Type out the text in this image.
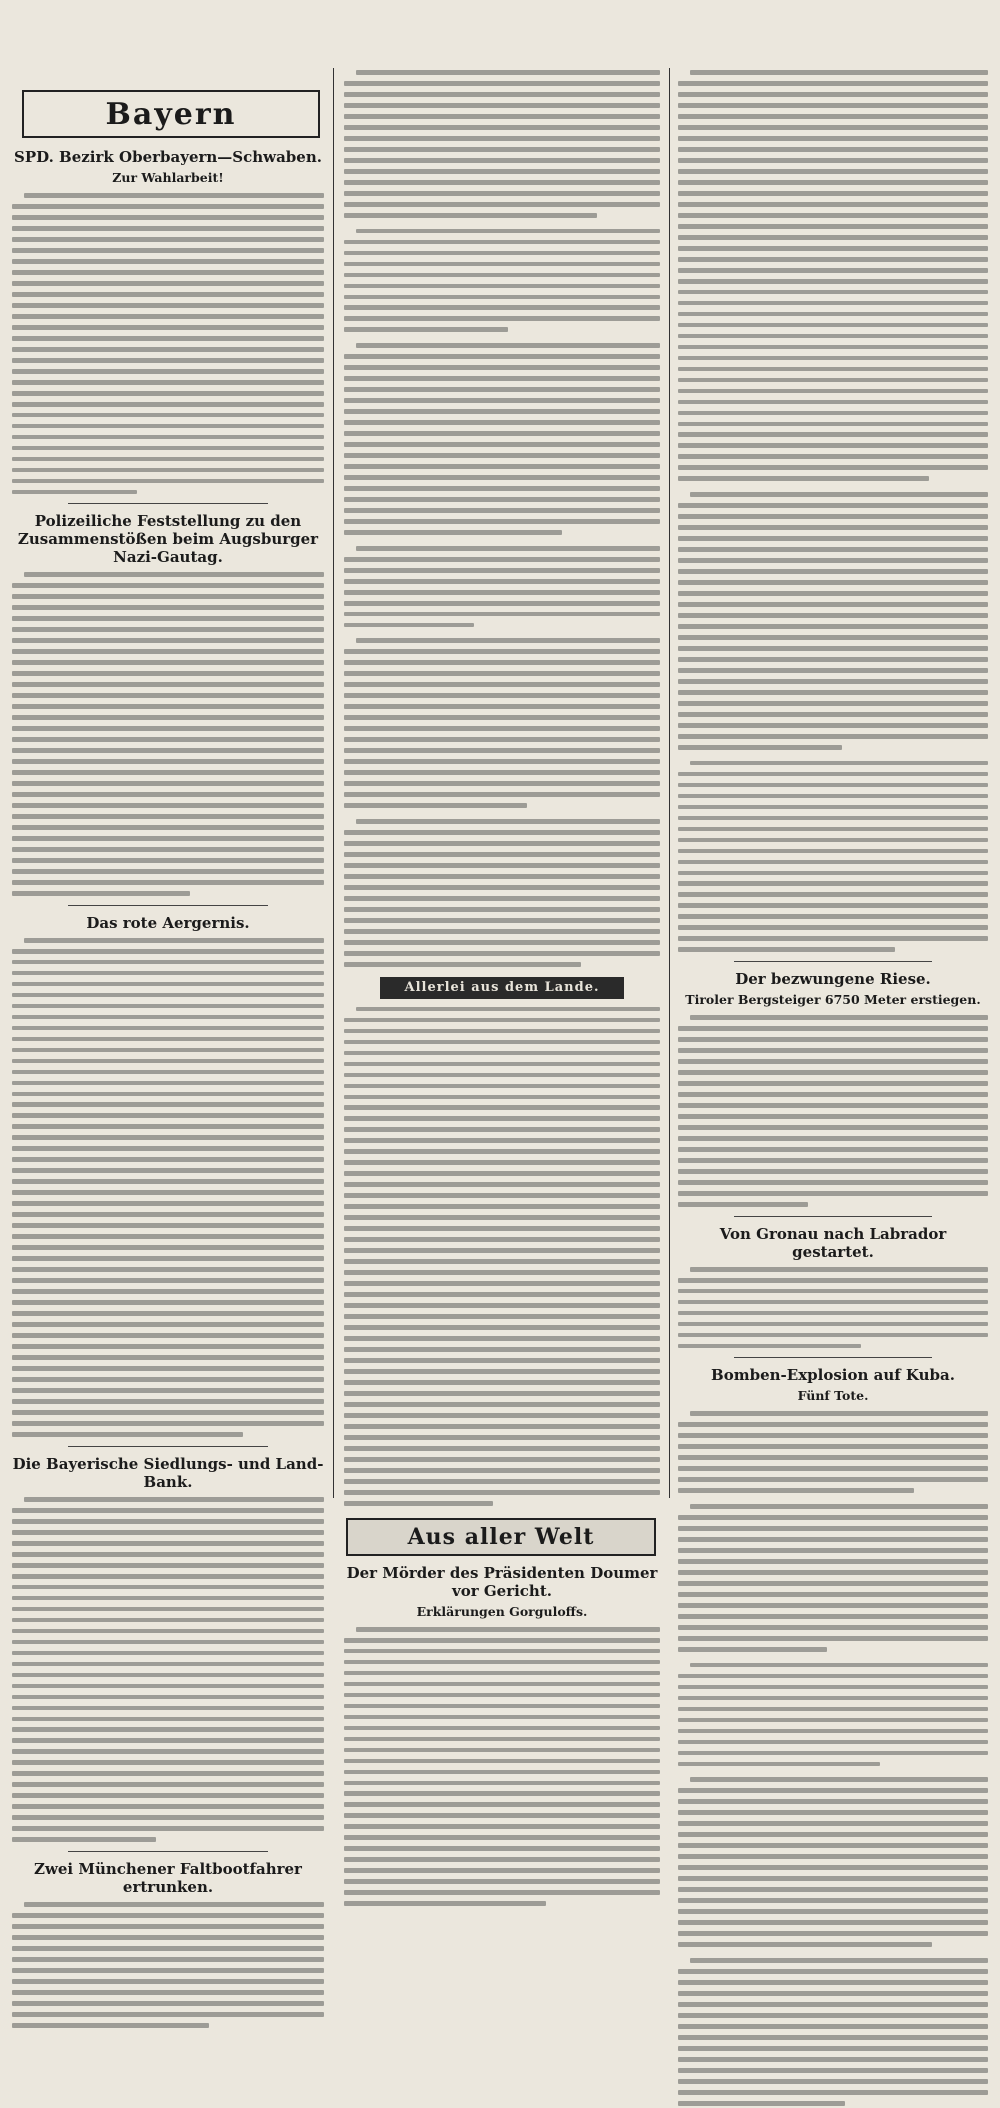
Bayern
SPD. Bezirk Oberbayern—Schwaben.
Zur Wahlarbeit!
Polizeiliche Feststellung zu den Zusammenstößen beim Augsburger Nazi-Gautag.
Das rote Aergernis.
Die Bayerische Siedlungs- und Land-Bank.
Zwei Münchener Faltbootfahrer ertrunken.
Allerlei aus dem Lande.
Aus aller Welt
Der Mörder des Präsidenten Doumer vor Gericht.
Erklärungen Gorguloffs.
Der bezwungene Riese.
Tiroler Bergsteiger 6750 Meter erstiegen.
Von Gronau nach Labrador gestartet.
Bomben-Explosion auf Kuba.
Fünf Tote.
